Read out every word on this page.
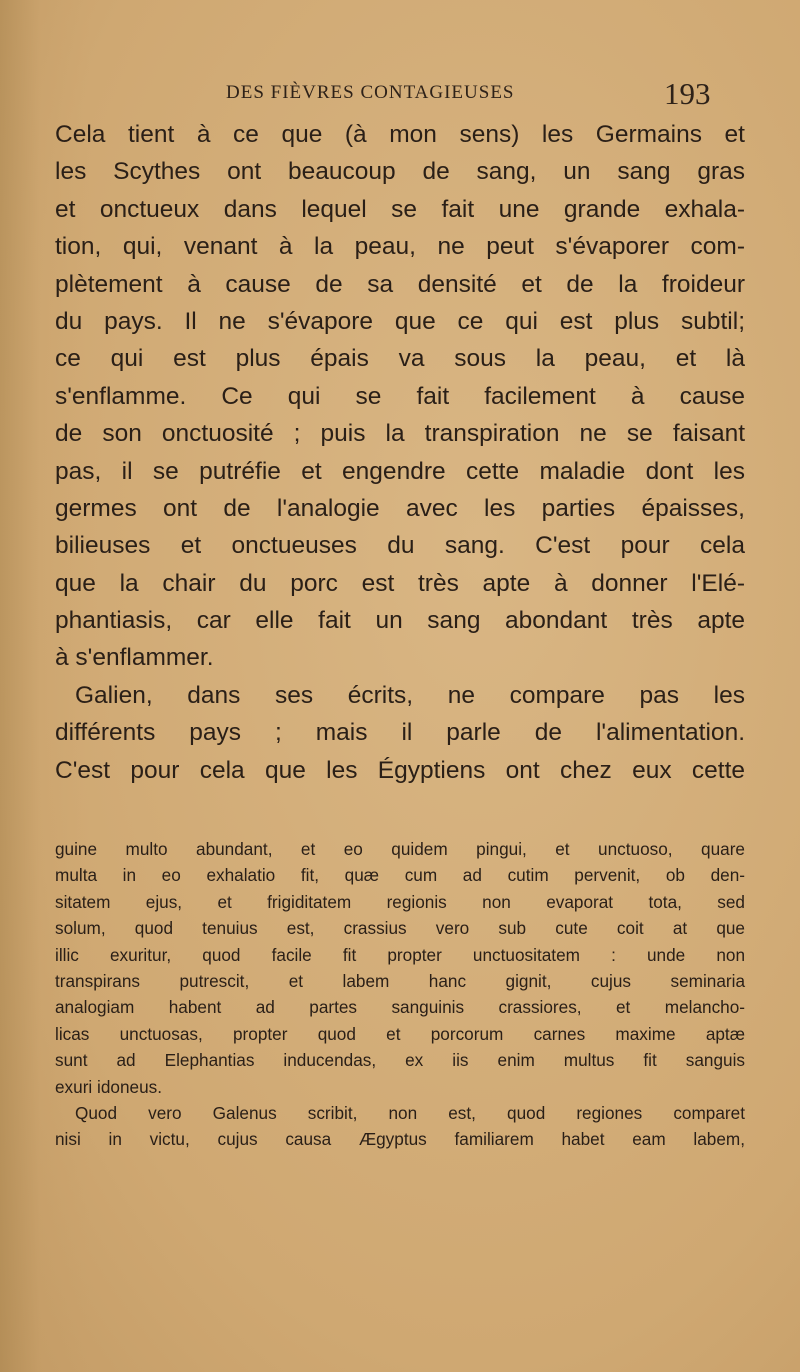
DES FIÈVRES CONTAGIEUSES	193
Cela tient à ce que (à mon sens) les Germains et
les Scythes ont beaucoup de sang, un sang gras
et onctueux dans lequel se fait une grande exhala-
tion, qui, venant à la peau, ne peut s'évaporer com-
plètement à cause de sa densité et de la froideur
du pays. Il ne s'évapore que ce qui est plus subtil;
ce qui est plus épais va sous la peau, et là
s'enflamme. Ce qui se fait facilement à cause
de son onctuosité ; puis la transpiration ne se faisant
pas, il se putréfie et engendre cette maladie dont les
germes ont de l'analogie avec les parties épaisses,
bilieuses et onctueuses du sang. C'est pour cela
que la chair du porc est très apte à donner l'Elé-
phantiasis, car elle fait un sang abondant très apte
à s'enflammer.
Galien, dans ses écrits, ne compare pas les
différents pays ; mais il parle de l'alimentation.
C'est pour cela que les Égyptiens ont chez eux cette
guine multo abundant, et eo quidem pingui, et unctuoso, quare
multa in eo exhalatio fit, quæ cum ad cutim pervenit, ob den-
sitatem ejus, et frigiditatem regionis non evaporat tota, sed
solum, quod tenuius est, crassius vero sub cute coit at que
illic exuritur, quod facile fit propter unctuositatem : unde non
transpirans putrescit, et labem hanc gignit, cujus seminaria
analogiam habent ad partes sanguinis crassiores, et melancho-
licas unctuosas, propter quod et porcorum carnes maxime aptæ
sunt ad Elephantias inducendas, ex iis enim multus fit sanguis
exuri idoneus.
Quod vero Galenus scribit, non est, quod regiones comparet
nisi in victu, cujus causa Ægyptus familiarem habet eam labem,
